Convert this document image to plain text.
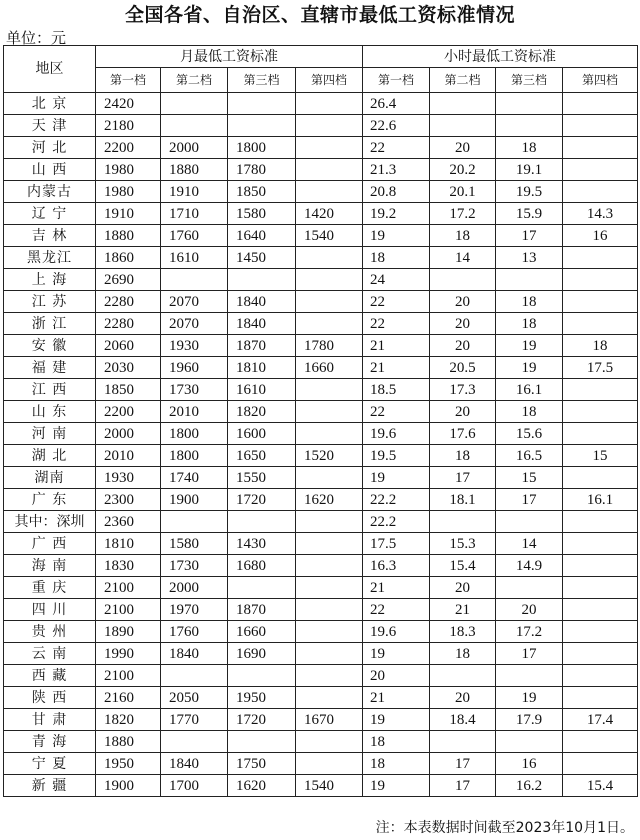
全国各省、自治区、直辖市最低工资标准情况
单位：元
地区	月最低工资标准				小时最低工资标准			
	第一档	第二档	第三档	第四档	第一档	第二档	第三档	第四档
北 京	2420				26.4			
天 津	2180				22.6			
河 北	2200	2000	1800		22	20	18	
山 西	1980	1880	1780		21.3	20.2	19.1	
内蒙古	1980	1910	1850		20.8	20.1	19.5	
辽 宁	1910	1710	1580	1420	19.2	17.2	15.9	14.3
吉 林	1880	1760	1640	1540	19	18	17	16
黑龙江	1860	1610	1450		18	14	13	
上 海	2690				24			
江 苏	2280	2070	1840		22	20	18	
浙 江	2280	2070	1840		22	20	18	
安 徽	2060	1930	1870	1780	21	20	19	18
福 建	2030	1960	1810	1660	21	20.5	19	17.5
江 西	1850	1730	1610		18.5	17.3	16.1	
山 东	2200	2010	1820		22	20	18	
河 南	2000	1800	1600		19.6	17.6	15.6	
湖 北	2010	1800	1650	1520	19.5	18	16.5	15
湖南	1930	1740	1550		19	17	15	
广 东	2300	1900	1720	1620	22.2	18.1	17	16.1
其中：深圳	2360				22.2			
广 西	1810	1580	1430		17.5	15.3	14	
海 南	1830	1730	1680		16.3	15.4	14.9	
重 庆	2100	2000			21	20		
四 川	2100	1970	1870		22	21	20	
贵 州	1890	1760	1660		19.6	18.3	17.2	
云 南	1990	1840	1690		19	18	17	
西 藏	2100				20			
陕 西	2160	2050	1950		21	20	19	
甘 肃	1820	1770	1720	1670	19	18.4	17.9	17.4
青 海	1880				18			
宁 夏	1950	1840	1750		18	17	16	
新 疆	1900	1700	1620	1540	19	17	16.2	15.4
注：本表数据时间截至2023年10月1日。
